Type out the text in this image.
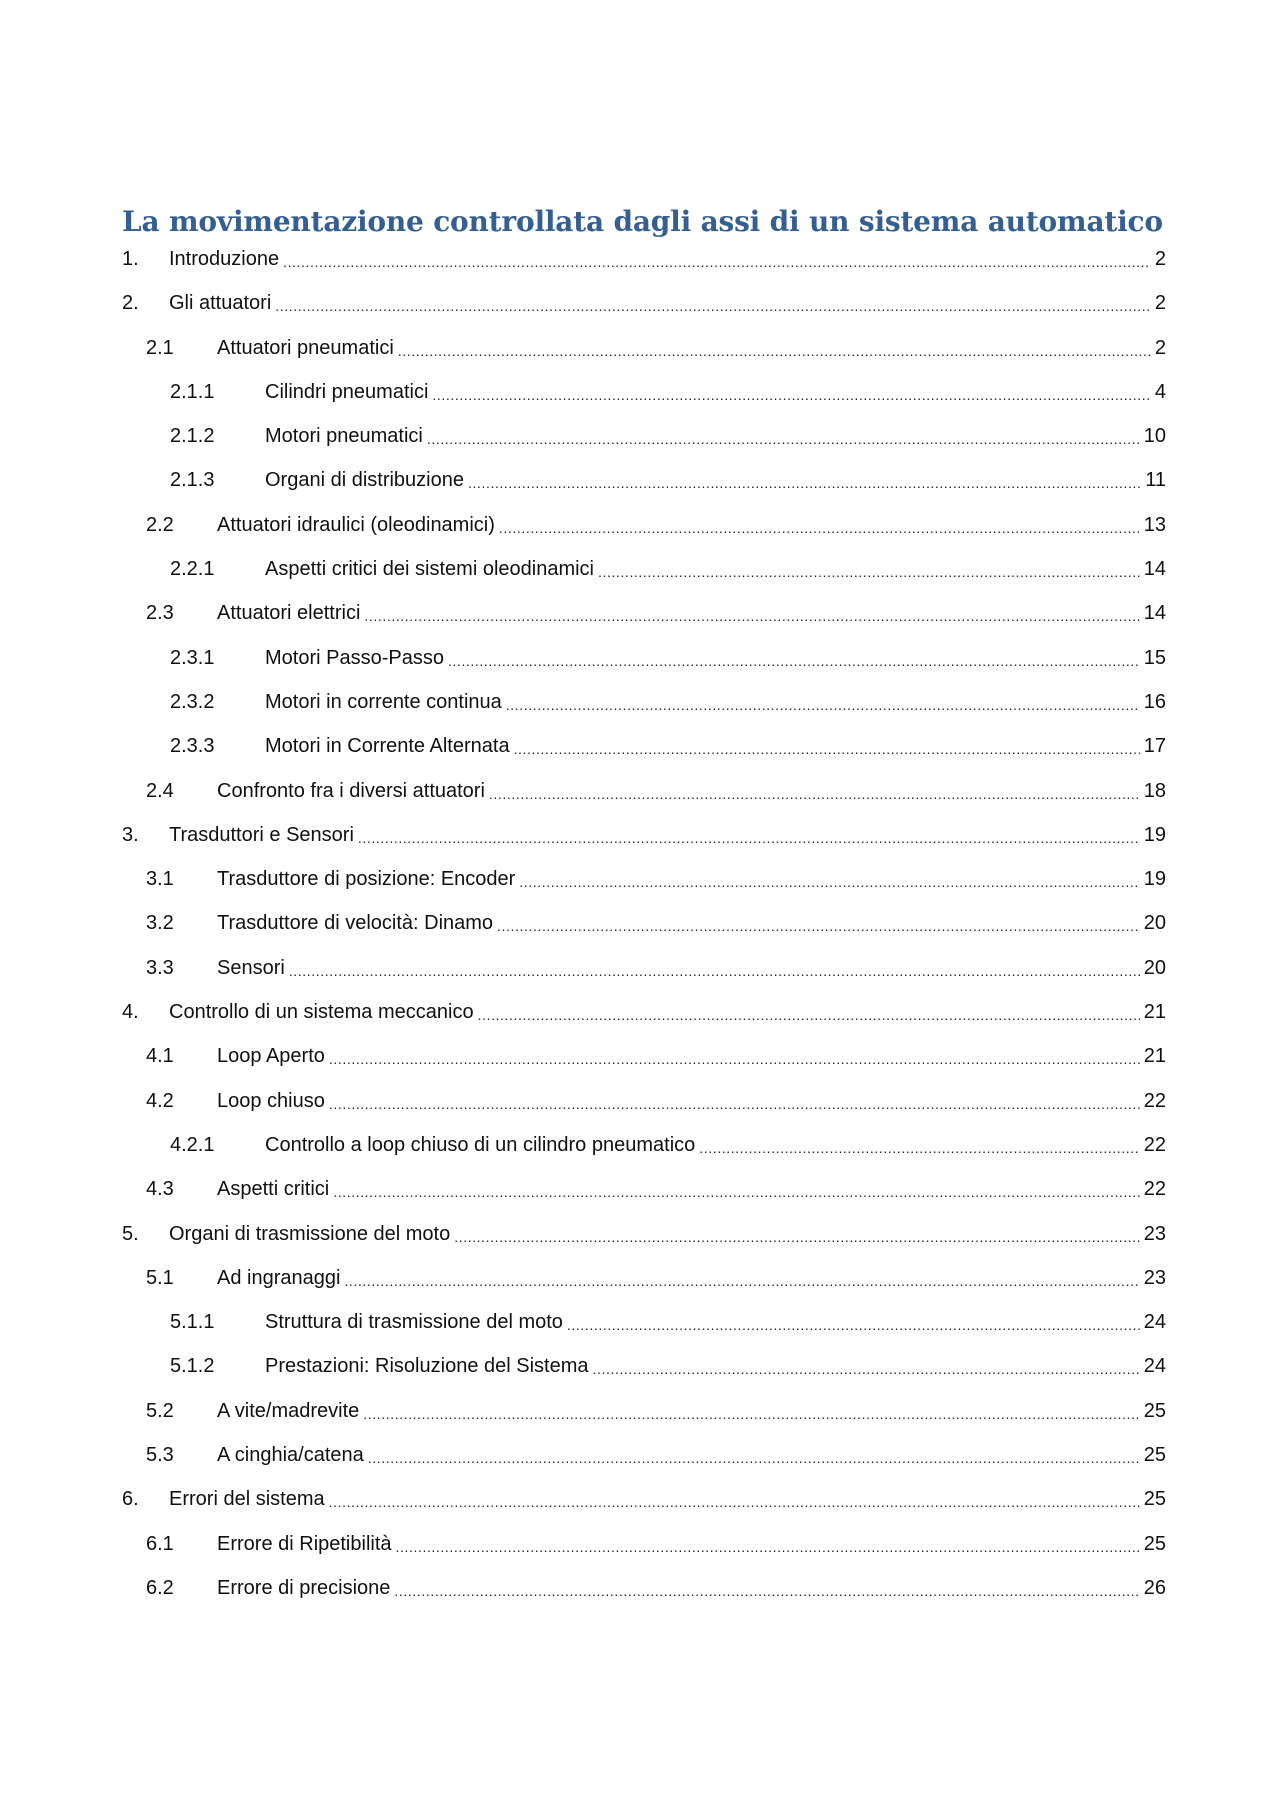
La movimentazione controllata dagli assi di un sistema automatico
1.	Introduzione .....	2
2.	Gli attuatori .....	2
2.1	Attuatori pneumatici .....	2
2.1.1	Cilindri pneumatici .....	4
2.1.2	Motori pneumatici .....	10
2.1.3	Organi di distribuzione .....	11
2.2	Attuatori idraulici (oleodinamici) .....	13
2.2.1	Aspetti critici dei sistemi oleodinamici .....	14
2.3	Attuatori elettrici .....	14
2.3.1	Motori Passo-Passo .....	15
2.3.2	Motori in corrente continua .....	16
2.3.3	Motori in Corrente Alternata .....	17
2.4	Confronto fra i diversi attuatori .....	18
3.	Trasduttori e Sensori .....	19
3.1	Trasduttore di posizione: Encoder .....	19
3.2	Trasduttore di velocità: Dinamo .....	20
3.3	Sensori .....	20
4.	Controllo di un sistema meccanico .....	21
4.1	Loop Aperto .....	21
4.2	Loop chiuso .....	22
4.2.1	Controllo a loop chiuso di un cilindro pneumatico .....	22
4.3	Aspetti critici .....	22
5.	Organi di trasmissione del moto .....	23
5.1	Ad ingranaggi .....	23
5.1.1	Struttura di trasmissione del moto .....	24
5.1.2	Prestazioni: Risoluzione del Sistema .....	24
5.2	A vite/madrevite .....	25
5.3	A cinghia/catena .....	25
6.	Errori del sistema .....	25
6.1	Errore di Ripetibilità .....	25
6.2	Errore di precisione .....	26
